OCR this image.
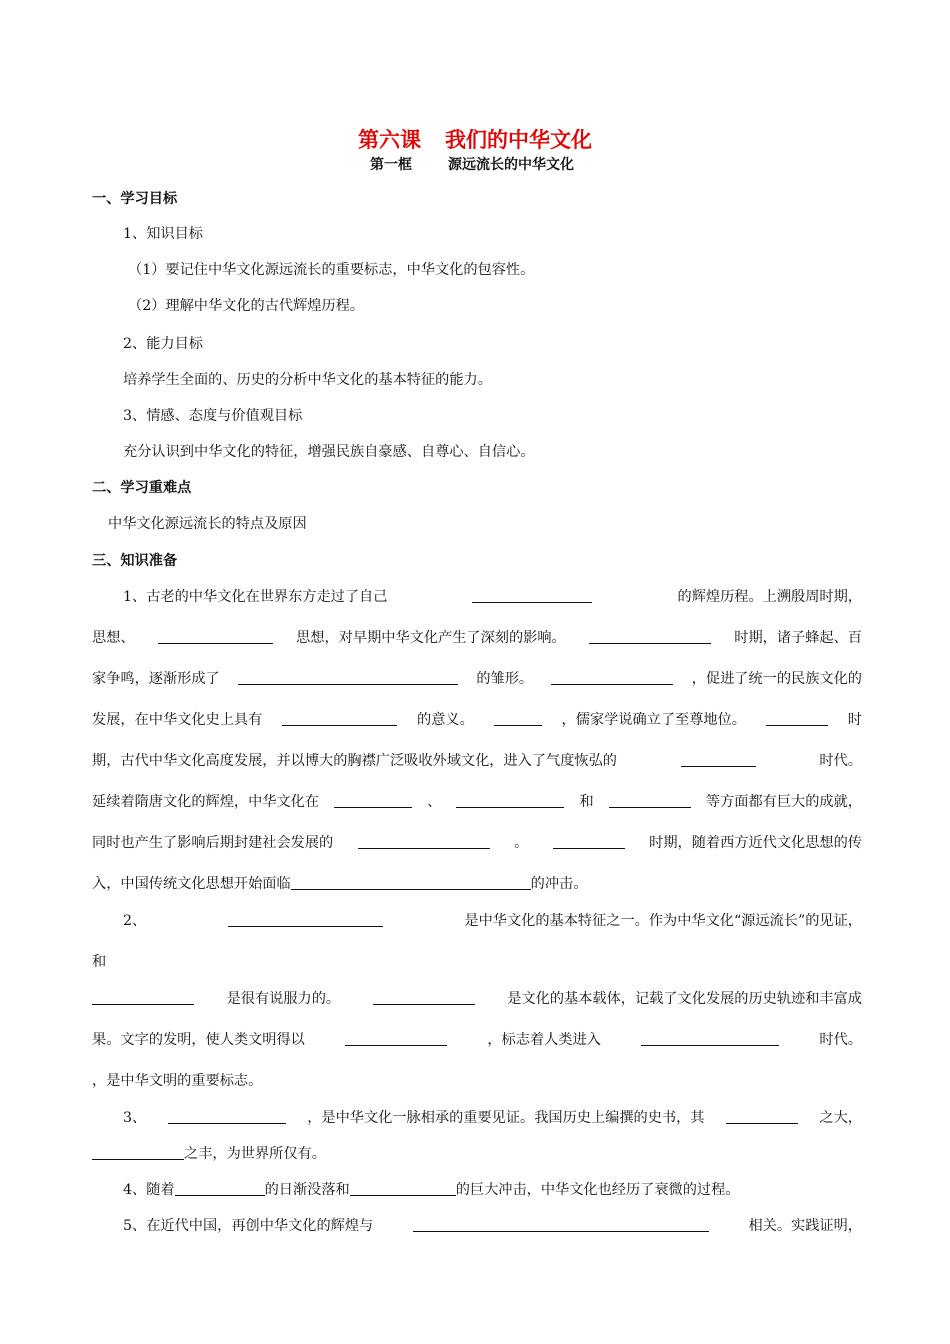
第六课 我们的中华文化
第一框	源远流长的中华文化
一、学习目标
1、知识目标
（1）要记住中华文化源远流长的重要标志，中华文化的包容性。
（2）理解中华文化的古代辉煌历程。
2、能力目标
培养学生全面的、历史的分析中华文化的基本特征的能力。
3、情感、态度与价值观目标
充分认识到中华文化的特征，增强民族自豪感、自尊心、自信心。
二、学习重难点
中华文化源远流长的特点及原因
三、知识准备
1、古老的中华文化在世界东方走过了自己	的辉煌历程。上溯殷周时期，
思想、	思想，对早期中华文化产生了深刻的影响。	时期，诸子蜂起、百
家争鸣，逐渐形成了	的雏形。	，促进了统一的民族文化的
发展，在中华文化史上具有	的意义。	，儒家学说确立了至尊地位。	时
期，古代中华文化高度发展，并以博大的胸襟广泛吸收外域文化，进入了气度恢弘的	时代。
延续着隋唐文化的辉煌，中华文化在	、	和	等方面都有巨大的成就，
同时也产生了影响后期封建社会发展的	。	时期，随着西方近代文化思想的传
入，中国传统文化思想开始面临	的冲击。
2、	是中华文化的基本特征之一。作为中华文化“源远流长”的见证，
和
是很有说服力的。	是文化的基本载体，记载了文化发展的历史轨迹和丰富成
果。文字的发明，使人类文明得以	，标志着人类进入	时代。
，是中华文明的重要标志。
3、	，是中华文化一脉相承的重要见证。我国历史上编撰的史书，其	之大，
之丰，为世界所仅有。
4、随着	的日渐没落和	的巨大冲击，中华文化也经历了衰微的过程。
5、在近代中国，再创中华文化的辉煌与	相关。实践证明，
